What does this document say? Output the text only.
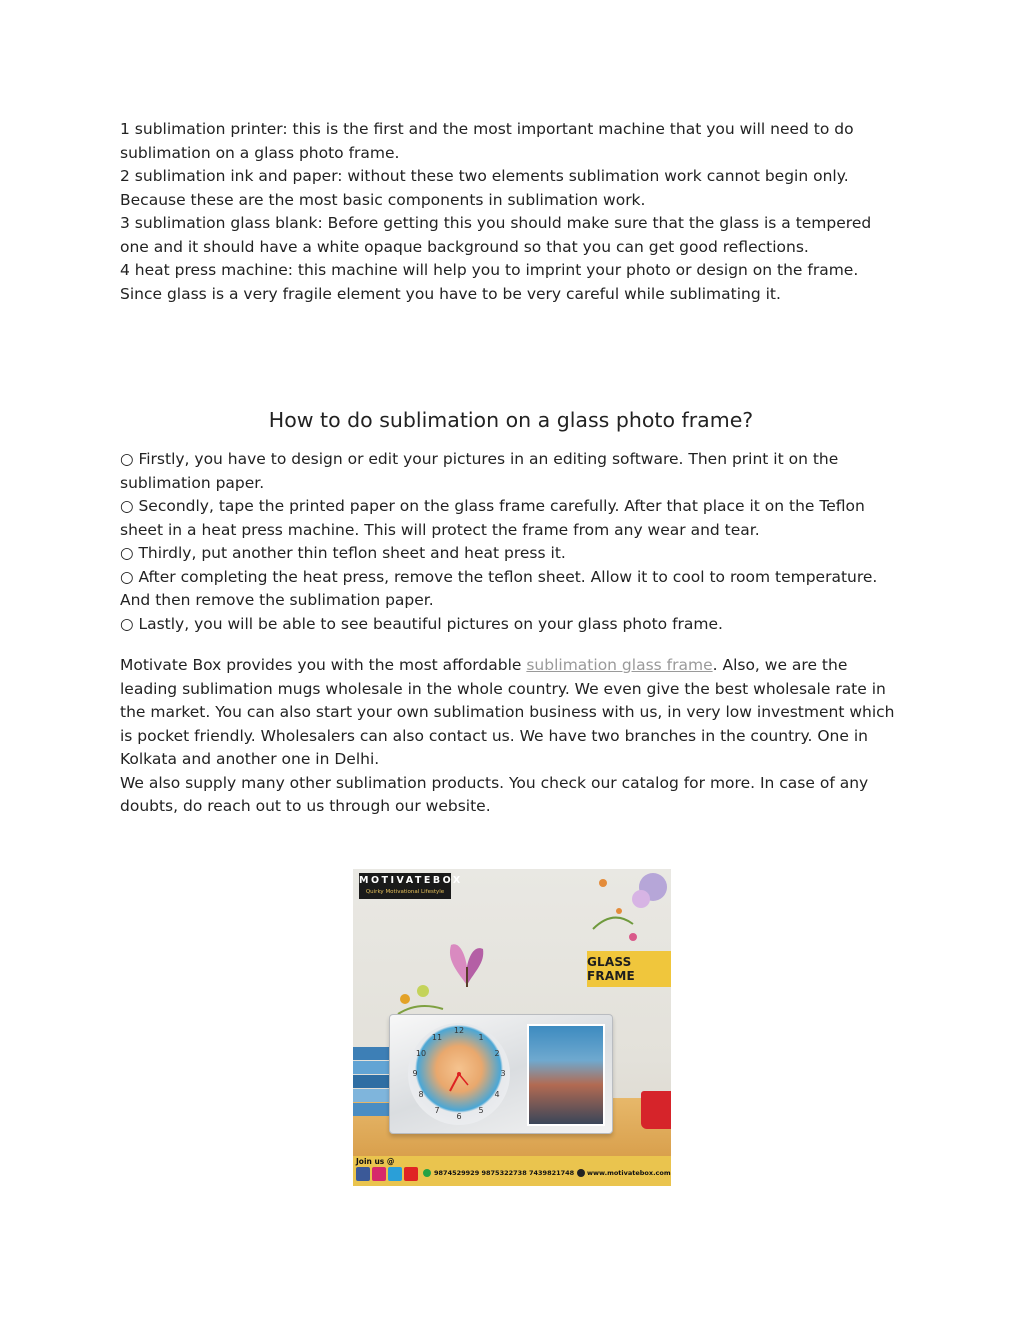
1 sublimation printer: this is the first and the most important machine that you will need to do sublimation on a glass photo frame.

2 sublimation ink and paper: without these two elements sublimation work cannot begin only. Because these are the most basic components in sublimation work.

3 sublimation glass blank: Before getting this you should make sure that the glass is a tempered one and it should have a white opaque background so that you can get good reflections.

4 heat press machine: this machine will help you to imprint your photo or design on the frame. Since glass is a very fragile element you have to be very careful while sublimating it.

How to do sublimation on a glass photo frame?

○ Firstly, you have to design or edit your pictures in an editing software. Then print it on the sublimation paper.

○ Secondly, tape the printed paper on the glass frame carefully. After that place it on the Teflon sheet in a heat press machine. This will protect the frame from any wear and tear.

○ Thirdly, put another thin teflon sheet and heat press it.

○ After completing the heat press, remove the teflon sheet. Allow it to cool to room temperature. And then remove the sublimation paper.

○ Lastly, you will be able to see beautiful pictures on your glass photo frame.

Motivate Box provides you with the most affordable sublimation glass frame. Also, we are the leading sublimation mugs wholesale in the whole country. We even give the best wholesale rate in the market. You can also start your own sublimation business with us, in very low investment which is pocket friendly. Wholesalers can also contact us. We have two branches in the country. One in Kolkata and another one in Delhi.

We also supply many other sublimation products. You check our catalog for more. In case of any doubts, do reach out to us through our website.

MOTIVATEBOX
Quirky Motivational Lifestyle
GLASS FRAME
12
1
2
3
4
5
6
7
8
9
10
11
Join us @
9874529929 9875322738 7439821748 www.motivatebox.com
